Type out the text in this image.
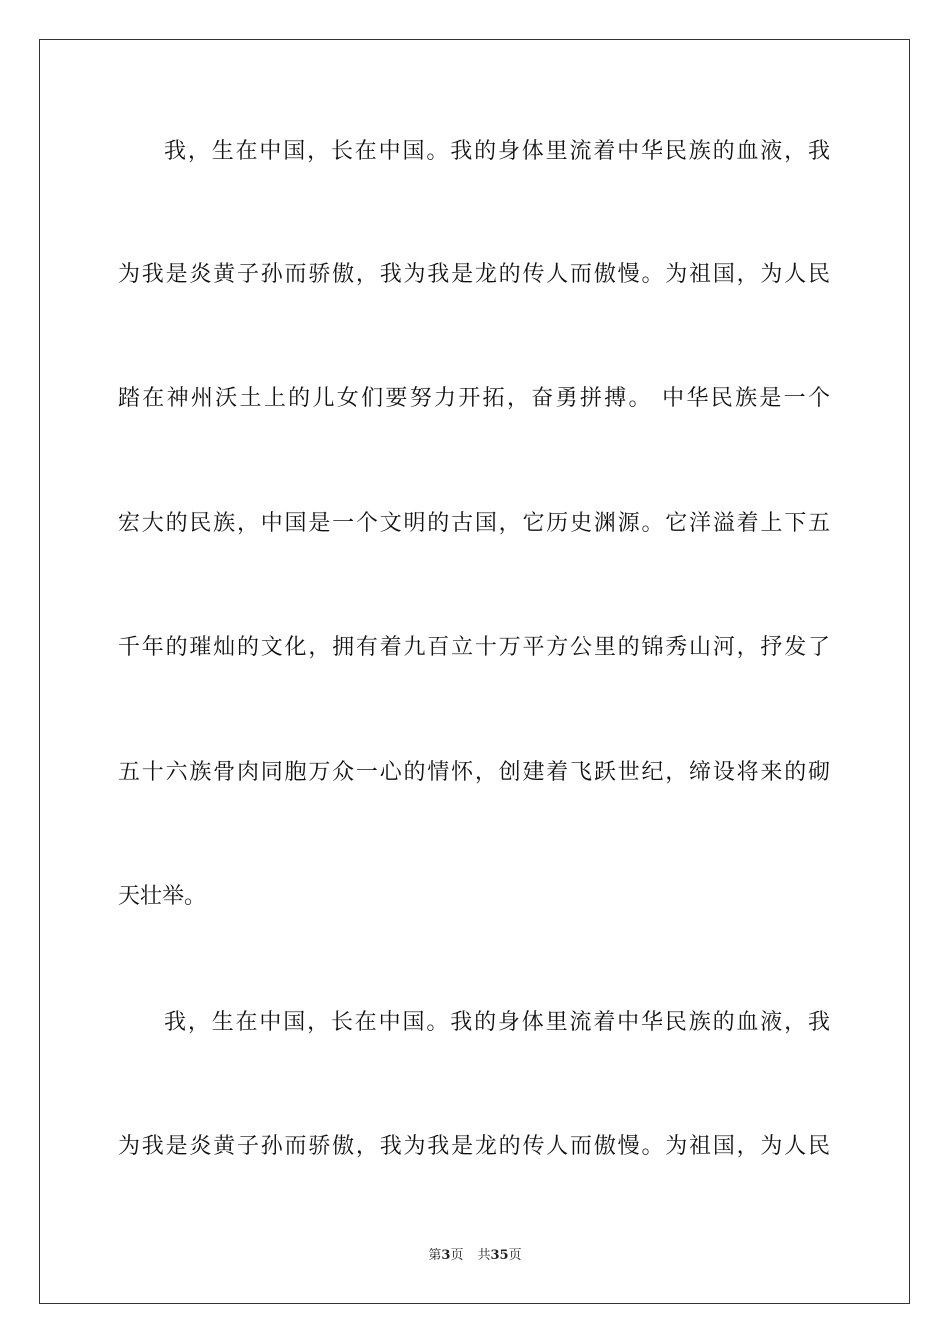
我，生在中国，长在中国。我的身体里流着中华民族的血液，我
为我是炎黄子孙而骄傲，我为我是龙的传人而傲慢。为祖国，为人民
踏在神州沃土上的儿女们要努力开拓，奋勇拼搏。 中华民族是一个
宏大的民族，中国是一个文明的古国，它历史渊源。它洋溢着上下五
千年的璀灿的文化，拥有着九百立十万平方公里的锦秀山河，抒发了
五十六族骨肉同胞万众一心的情怀，创建着飞跃世纪，缔设将来的砌
天壮举。
我，生在中国，长在中国。我的身体里流着中华民族的血液，我
为我是炎黄子孙而骄傲，我为我是龙的传人而傲慢。为祖国，为人民
第3页 共35页
